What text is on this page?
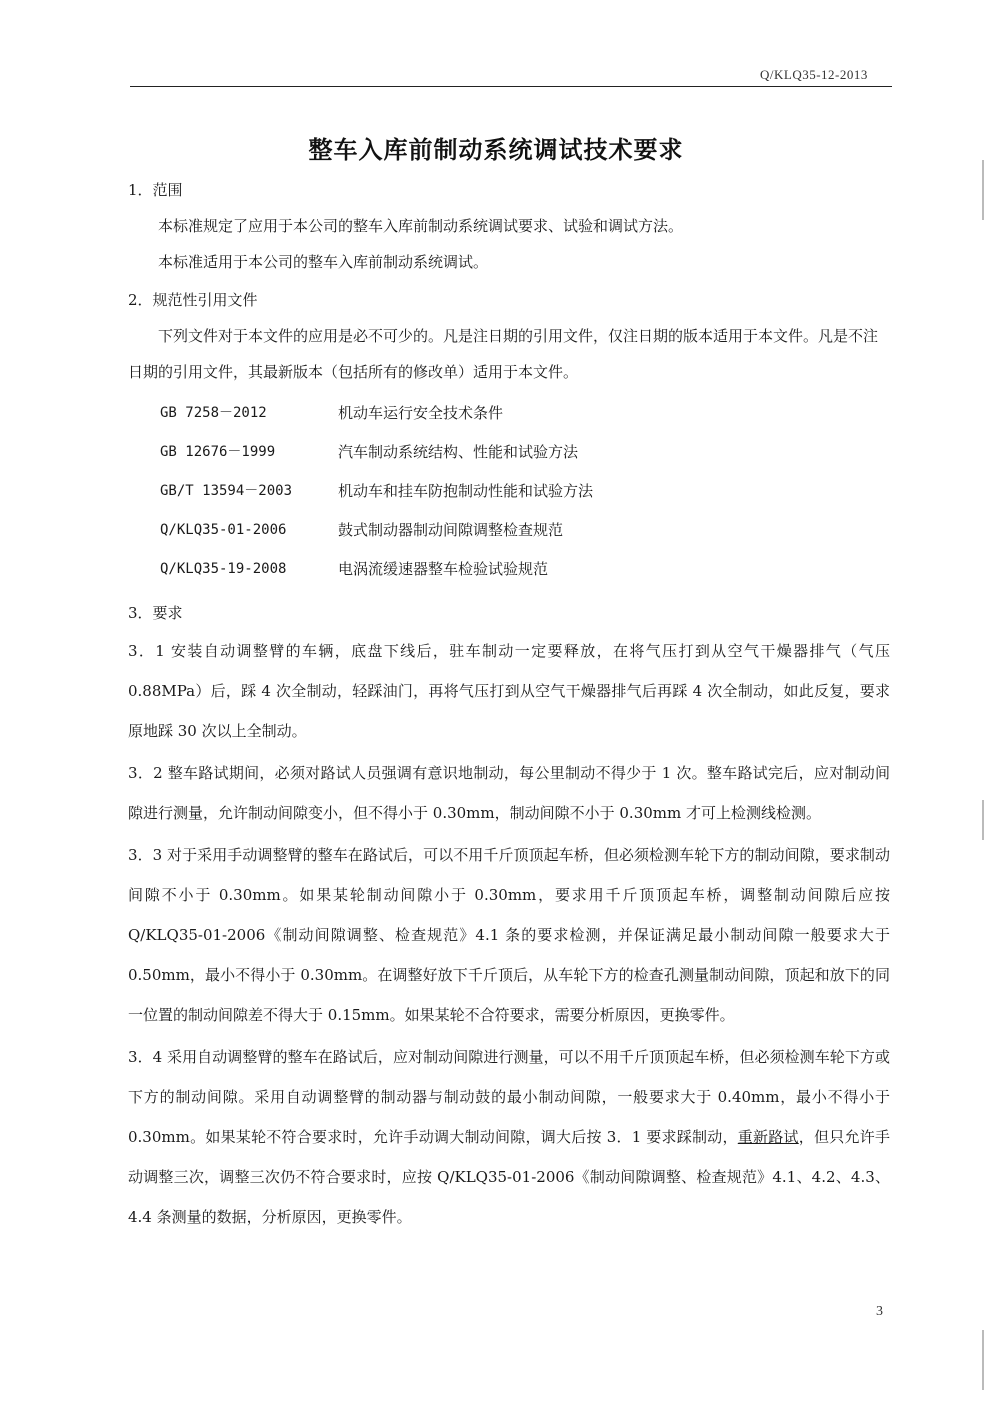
Q/KLQ35-12-2013
整车入库前制动系统调试技术要求
1．范围
本标准规定了应用于本公司的整车入库前制动系统调试要求、试验和调试方法。
本标准适用于本公司的整车入库前制动系统调试。
2．规范性引用文件
下列文件对于本文件的应用是必不可少的。凡是注日期的引用文件，仅注日期的版本适用于本文件。凡是不注日期的引用文件，其最新版本（包括所有的修改单）适用于本文件。
GB 7258－2012	机动车运行安全技术条件
GB 12676－1999	汽车制动系统结构、性能和试验方法
GB/T 13594－2003	机动车和挂车防抱制动性能和试验方法
Q/KLQ35-01-2006	鼓式制动器制动间隙调整检查规范
Q/KLQ35-19-2008	电涡流缓速器整车检验试验规范
3．要求
3．1 安装自动调整臂的车辆，底盘下线后，驻车制动一定要释放，在将气压打到从空气干燥器排气（气压 0.88MPa）后，踩 4 次全制动，轻踩油门，再将气压打到从空气干燥器排气后再踩 4 次全制动，如此反复，要求原地踩 30 次以上全制动。
3．2 整车路试期间，必须对路试人员强调有意识地制动，每公里制动不得少于 1 次。整车路试完后，应对制动间隙进行测量，允许制动间隙变小，但不得小于 0.30mm，制动间隙不小于 0.30mm 才可上检测线检测。
3．3 对于采用手动调整臂的整车在路试后，可以不用千斤顶顶起车桥，但必须检测车轮下方的制动间隙，要求制动间隙不小于 0.30mm。如果某轮制动间隙小于 0.30mm，要求用千斤顶顶起车桥，调整制动间隙后应按 Q/KLQ35-01-2006《制动间隙调整、检查规范》4.1 条的要求检测，并保证满足最小制动间隙一般要求大于 0.50mm，最小不得小于 0.30mm。在调整好放下千斤顶后，从车轮下方的检查孔测量制动间隙，顶起和放下的同一位置的制动间隙差不得大于 0.15mm。如果某轮不合符要求，需要分析原因，更换零件。
3．4 采用自动调整臂的整车在路试后，应对制动间隙进行测量，可以不用千斤顶顶起车桥，但必须检测车轮下方或下方的制动间隙。采用自动调整臂的制动器与制动鼓的最小制动间隙，一般要求大于 0.40mm，最小不得小于 0.30mm。如果某轮不符合要求时，允许手动调大制动间隙，调大后按 3．1 要求踩制动，重新路试，但只允许手动调整三次，调整三次仍不符合要求时，应按 Q/KLQ35-01-2006《制动间隙调整、检查规范》4.1、4.2、4.3、4.4 条测量的数据，分析原因，更换零件。
3
